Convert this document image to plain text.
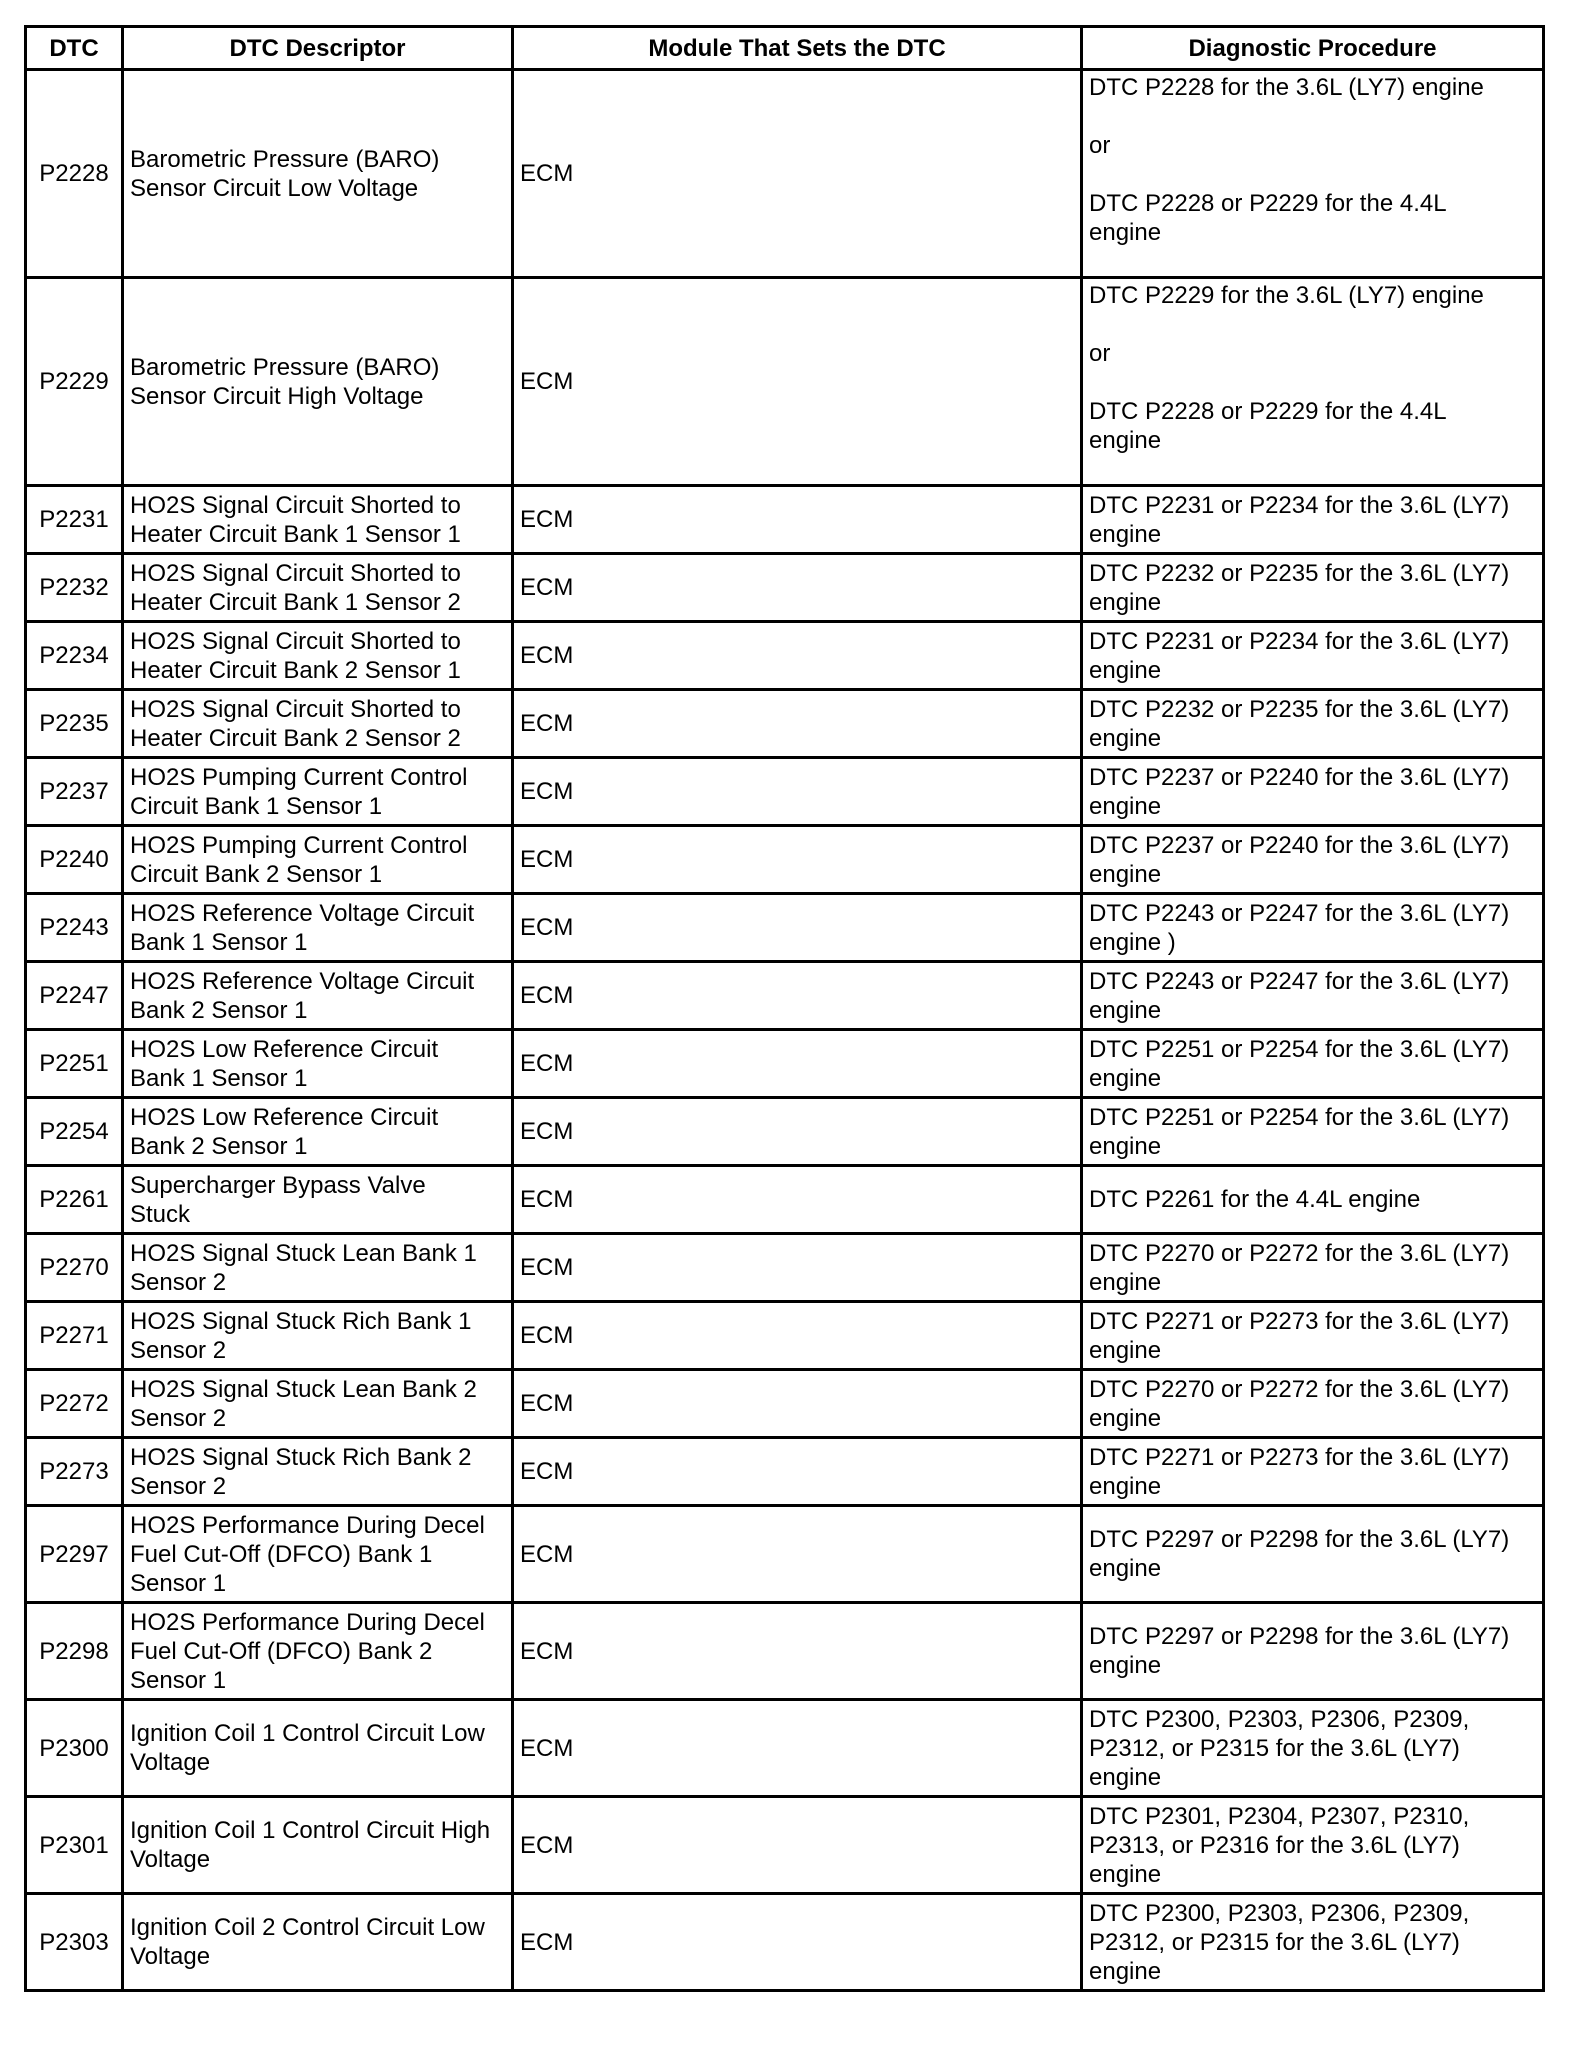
DTC	DTC Descriptor	Module That Sets the DTC	Diagnostic Procedure
P2228	Barometric Pressure (BARO)
Sensor Circuit Low Voltage	ECM	DTC P2228 for the 3.6L (LY7) engine

or

DTC P2228 or P2229 for the 4.4L
engine
P2229	Barometric Pressure (BARO)
Sensor Circuit High Voltage	ECM	DTC P2229 for the 3.6L (LY7) engine

or

DTC P2228 or P2229 for the 4.4L
engine
P2231	HO2S Signal Circuit Shorted to
Heater Circuit Bank 1 Sensor 1	ECM	DTC P2231 or P2234 for the 3.6L (LY7)
engine
P2232	HO2S Signal Circuit Shorted to
Heater Circuit Bank 1 Sensor 2	ECM	DTC P2232 or P2235 for the 3.6L (LY7)
engine
P2234	HO2S Signal Circuit Shorted to
Heater Circuit Bank 2 Sensor 1	ECM	DTC P2231 or P2234 for the 3.6L (LY7)
engine
P2235	HO2S Signal Circuit Shorted to
Heater Circuit Bank 2 Sensor 2	ECM	DTC P2232 or P2235 for the 3.6L (LY7)
engine
P2237	HO2S Pumping Current Control
Circuit Bank 1 Sensor 1	ECM	DTC P2237 or P2240 for the 3.6L (LY7)
engine
P2240	HO2S Pumping Current Control
Circuit Bank 2 Sensor 1	ECM	DTC P2237 or P2240 for the 3.6L (LY7)
engine
P2243	HO2S Reference Voltage Circuit
Bank 1 Sensor 1	ECM	DTC P2243 or P2247 for the 3.6L (LY7)
engine )
P2247	HO2S Reference Voltage Circuit
Bank 2 Sensor 1	ECM	DTC P2243 or P2247 for the 3.6L (LY7)
engine
P2251	HO2S Low Reference Circuit
Bank 1 Sensor 1	ECM	DTC P2251 or P2254 for the 3.6L (LY7)
engine
P2254	HO2S Low Reference Circuit
Bank 2 Sensor 1	ECM	DTC P2251 or P2254 for the 3.6L (LY7)
engine
P2261	Supercharger Bypass Valve
Stuck	ECM	DTC P2261 for the 4.4L engine
P2270	HO2S Signal Stuck Lean Bank 1
Sensor 2	ECM	DTC P2270 or P2272 for the 3.6L (LY7)
engine
P2271	HO2S Signal Stuck Rich Bank 1
Sensor 2	ECM	DTC P2271 or P2273 for the 3.6L (LY7)
engine
P2272	HO2S Signal Stuck Lean Bank 2
Sensor 2	ECM	DTC P2270 or P2272 for the 3.6L (LY7)
engine
P2273	HO2S Signal Stuck Rich Bank 2
Sensor 2	ECM	DTC P2271 or P2273 for the 3.6L (LY7)
engine
P2297	HO2S Performance During Decel
Fuel Cut-Off (DFCO) Bank 1
Sensor 1	ECM	DTC P2297 or P2298 for the 3.6L (LY7)
engine
P2298	HO2S Performance During Decel
Fuel Cut-Off (DFCO) Bank 2
Sensor 1	ECM	DTC P2297 or P2298 for the 3.6L (LY7)
engine
P2300	Ignition Coil 1 Control Circuit Low
Voltage	ECM	DTC P2300, P2303, P2306, P2309,
P2312, or P2315 for the 3.6L (LY7)
engine
P2301	Ignition Coil 1 Control Circuit High
Voltage	ECM	DTC P2301, P2304, P2307, P2310,
P2313, or P2316 for the 3.6L (LY7)
engine
P2303	Ignition Coil 2 Control Circuit Low
Voltage	ECM	DTC P2300, P2303, P2306, P2309,
P2312, or P2315 for the 3.6L (LY7)
engine
